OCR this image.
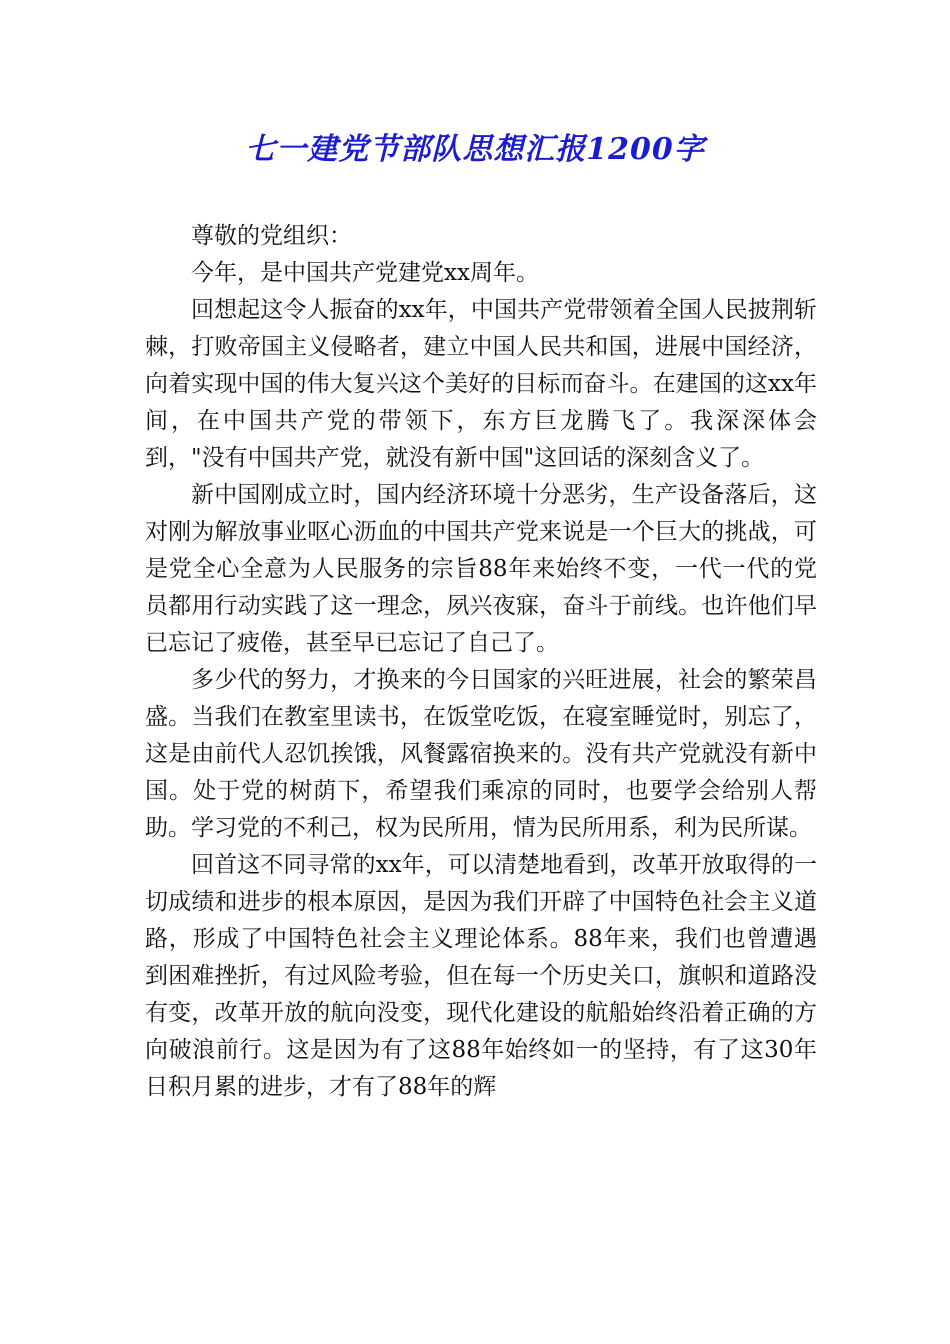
七一建党节部队思想汇报1200字

尊敬的党组织：

今年，是中国共产党建党xx周年。

回想起这令人振奋的xx年，中国共产党带领着全国人民披荆斩棘，打败帝国主义侵略者，建立中国人民共和国，进展中国经济，向着实现中国的伟大复兴这个美好的目标而奋斗。在建国的这xx年间，在中国共产党的带领下，东方巨龙腾飞了。我深深体会到，"没有中国共产党，就没有新中国"这回话的深刻含义了。

新中国刚成立时，国内经济环境十分恶劣，生产设备落后，这对刚为解放事业呕心沥血的中国共产党来说是一个巨大的挑战，可是党全心全意为人民服务的宗旨88年来始终不变，一代一代的党员都用行动实践了这一理念，夙兴夜寐，奋斗于前线。也许他们早已忘记了疲倦，甚至早已忘记了自己了。

多少代的努力，才换来的今日国家的兴旺进展，社会的繁荣昌盛。当我们在教室里读书，在饭堂吃饭，在寝室睡觉时，别忘了，这是由前代人忍饥挨饿，风餐露宿换来的。没有共产党就没有新中国。处于党的树荫下，希望我们乘凉的同时，也要学会给别人帮助。学习党的不利己，权为民所用，情为民所用系，利为民所谋。

回首这不同寻常的xx年，可以清楚地看到，改革开放取得的一切成绩和进步的根本原因，是因为我们开辟了中国特色社会主义道路，形成了中国特色社会主义理论体系。88年来，我们也曾遭遇到困难挫折，有过风险考验，但在每一个历史关口，旗帜和道路没有变，改革开放的航向没变，现代化建设的航船始终沿着正确的方向破浪前行。这是因为有了这88年始终如一的坚持，有了这30年日积月累的进步，才有了88年的辉
